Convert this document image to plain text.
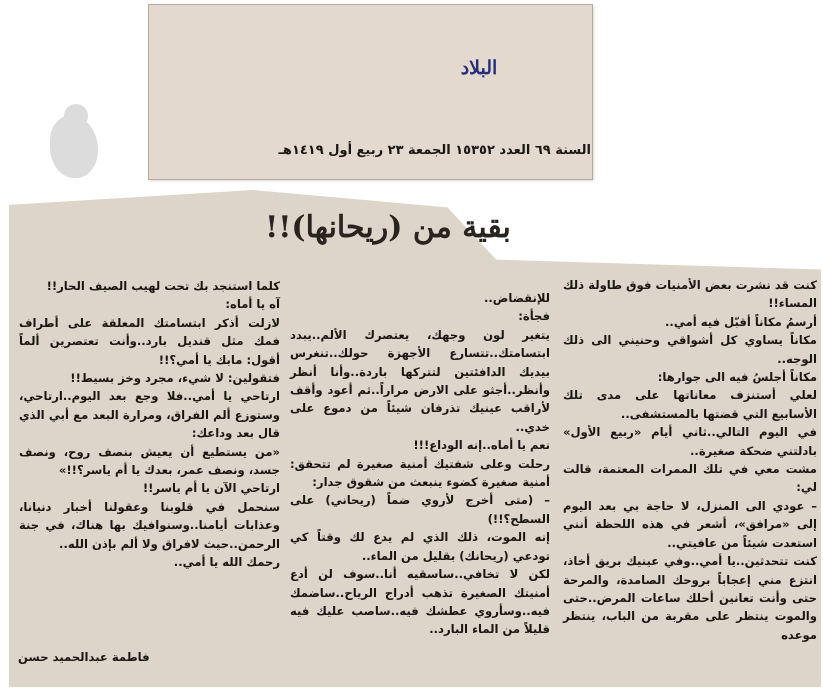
البلاد
السنة ٦٩ العدد ١٥٣٥٢ الجمعة ٢٣ ربيع أول ١٤١٩هـ
بقية من (ريحانها)!!

كنت قد نشرت بعض الأمنيات فوق طاولة ذلك المساء!!

أرسمُ مكاناً أقبّل فيه أمي..

مكاناً يساوي كل أشواقي وحنيني الى ذلك الوجه..

مكاناً أجلسُ فيه الى جوارها:

لعلي أستنزف معاناتها على مدى تلك الأسابيع التي قضتها بالمستشفى..

في اليوم التالي..ثاني أيام «ربيع الأول» بادلتني ضحكة صغيرة..

مشت معي في تلك الممرات المعتمة، قالت لي:

– عودي الى المنزل، لا حاجة بي بعد اليوم إلى «مرافق»، أشعر في هذه اللحظة أنني استعدت شيئاً من عافيتي..

كنت تتحدثين..يا أمي..وفي عينيك بريق أخاذ، انتزع مني إعجاباً بروحك الصامدة، والمرحة حتى وأنت تعانين أحلك ساعات المرض..حتى والموت ينتظر على مقربة من الباب، ينتظر موعده

للإنقضاض..

فجأة:

يتغير لون وجهك، يعتصرك الألم..يبدد ابتسامتك..تتسارع الأجهزة حولك..تنغرس بيديك الدافئتين لتتركها باردة..وأنا أنظر وأنظر..أجثو على الارض مراراً..ثم أعود وأقف لأراقب عينيك تذرفان شيئاً من دموع على خدي..

نعم يا أماه..إنه الوداع!!!

رحلت وعلى شفتيك أمنية صغيرة لم تتحقق: أمنية صغيرة كضوء ينبعث من شقوق جدار:

– (متى أخرج لأروي ضماً (ريحاني) على السطح؟!!)

إنه الموت، ذلك الذي لم يدع لك وقتاً كي تودعي (ريحانك) بقليل من الماء..

لكن لا تخافي..ساسقيه أنا..سوف لن أدع أمنيتك الصغيرة تذهب أدراج الرياح..ساضمك فيه..وسأروي عطشك فيه..ساصب عليك فيه قليلاً من الماء البارد..

كلما استنجد بك تحت لهيب الصيف الحار!!

آه يا أماه:

لازلت أذكر ابتسامتك المعلقة على أطراف فمك مثل قنديل بارد..وأنت تعتصرين ألماً أقول: مابك يا أمي؟!!

فتقولين: لا شيء، مجرد وخز بسيط!!

ارتاحي يا أمي..فلا وجع بعد اليوم..ارتاحي، وستوزع ألم الفراق، ومرارة البعد مع أبي الذي قال بعد وداعك:

«من يستطيع أن يعيش بنصف روح، ونصف جسد، ونصف عمر، بعدك يا أم ياسر؟!!»

ارتاحي الآن يا أم ياسر!!

سنحمل في قلوبنا وعقولنا أخبار دنيانا، وعذابات أيامنا..وسنوافيك بها هناك، في جنة الرحمن..حيث لافراق ولا ألم بإذن الله..

رحمك الله يا أمي..

فاطمة عبدالحميد حسن
